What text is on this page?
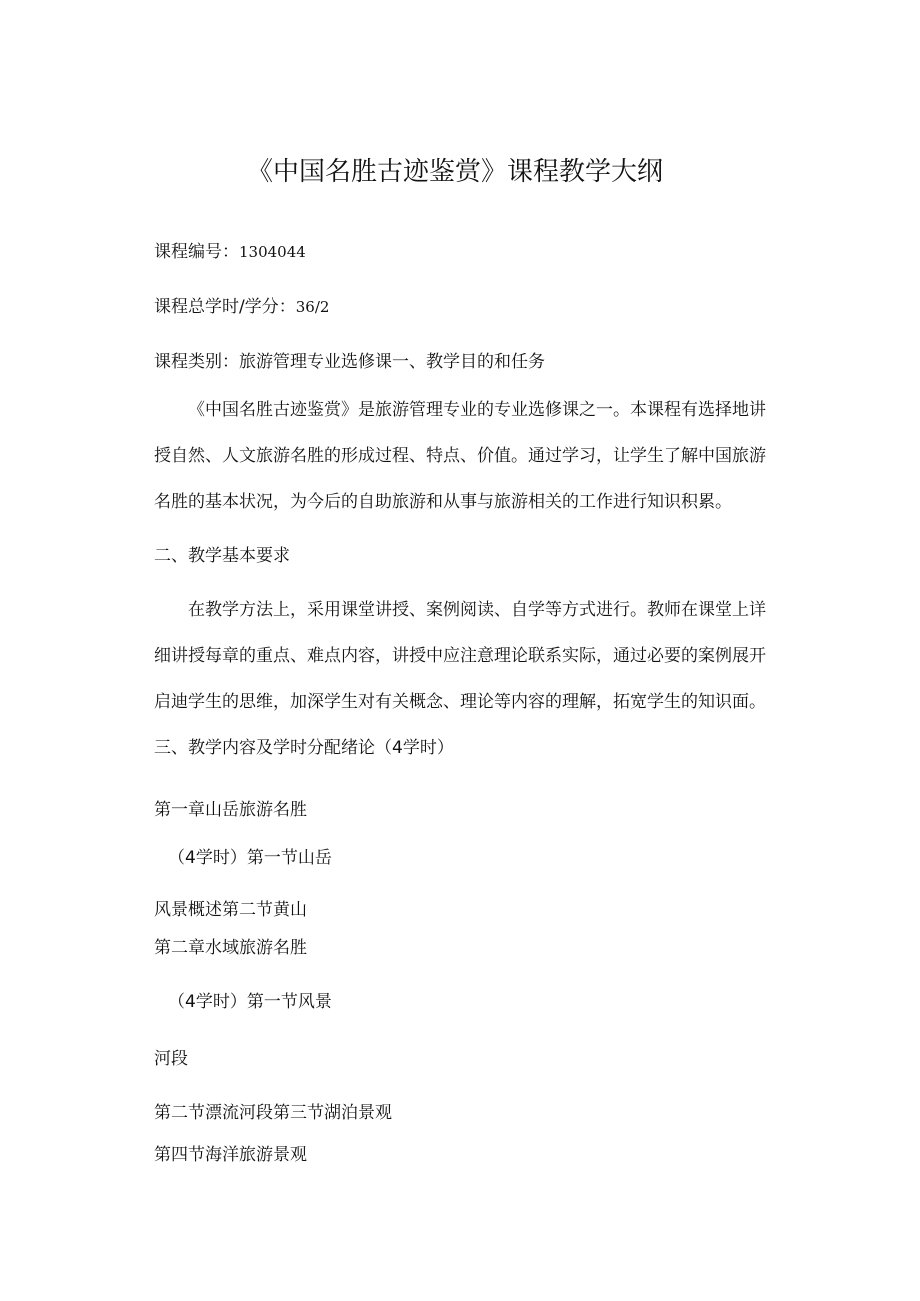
《中国名胜古迹鉴赏》课程教学大纲

课程编号：1304044

课程总学时/学分：36/2

课程类别：旅游管理专业选修课一、教学目的和任务

《中国名胜古迹鉴赏》是旅游管理专业的专业选修课之一。本课程有选择地讲授自然、人文旅游名胜的形成过程、特点、价值。通过学习，让学生了解中国旅游名胜的基本状况，为今后的自助旅游和从事与旅游相关的工作进行知识积累。

二、教学基本要求

在教学方法上，采用课堂讲授、案例阅读、自学等方式进行。教师在课堂上详细讲授每章的重点、难点内容，讲授中应注意理论联系实际，通过必要的案例展开启迪学生的思维，加深学生对有关概念、理论等内容的理解，拓宽学生的知识面。三、教学内容及学时分配绪论（4学时）

第一章山岳旅游名胜

（4学时）第一节山岳

风景概述第二节黄山

第二章水域旅游名胜

（4学时）第一节风景

河段

第二节漂流河段第三节湖泊景观

第四节海洋旅游景观
